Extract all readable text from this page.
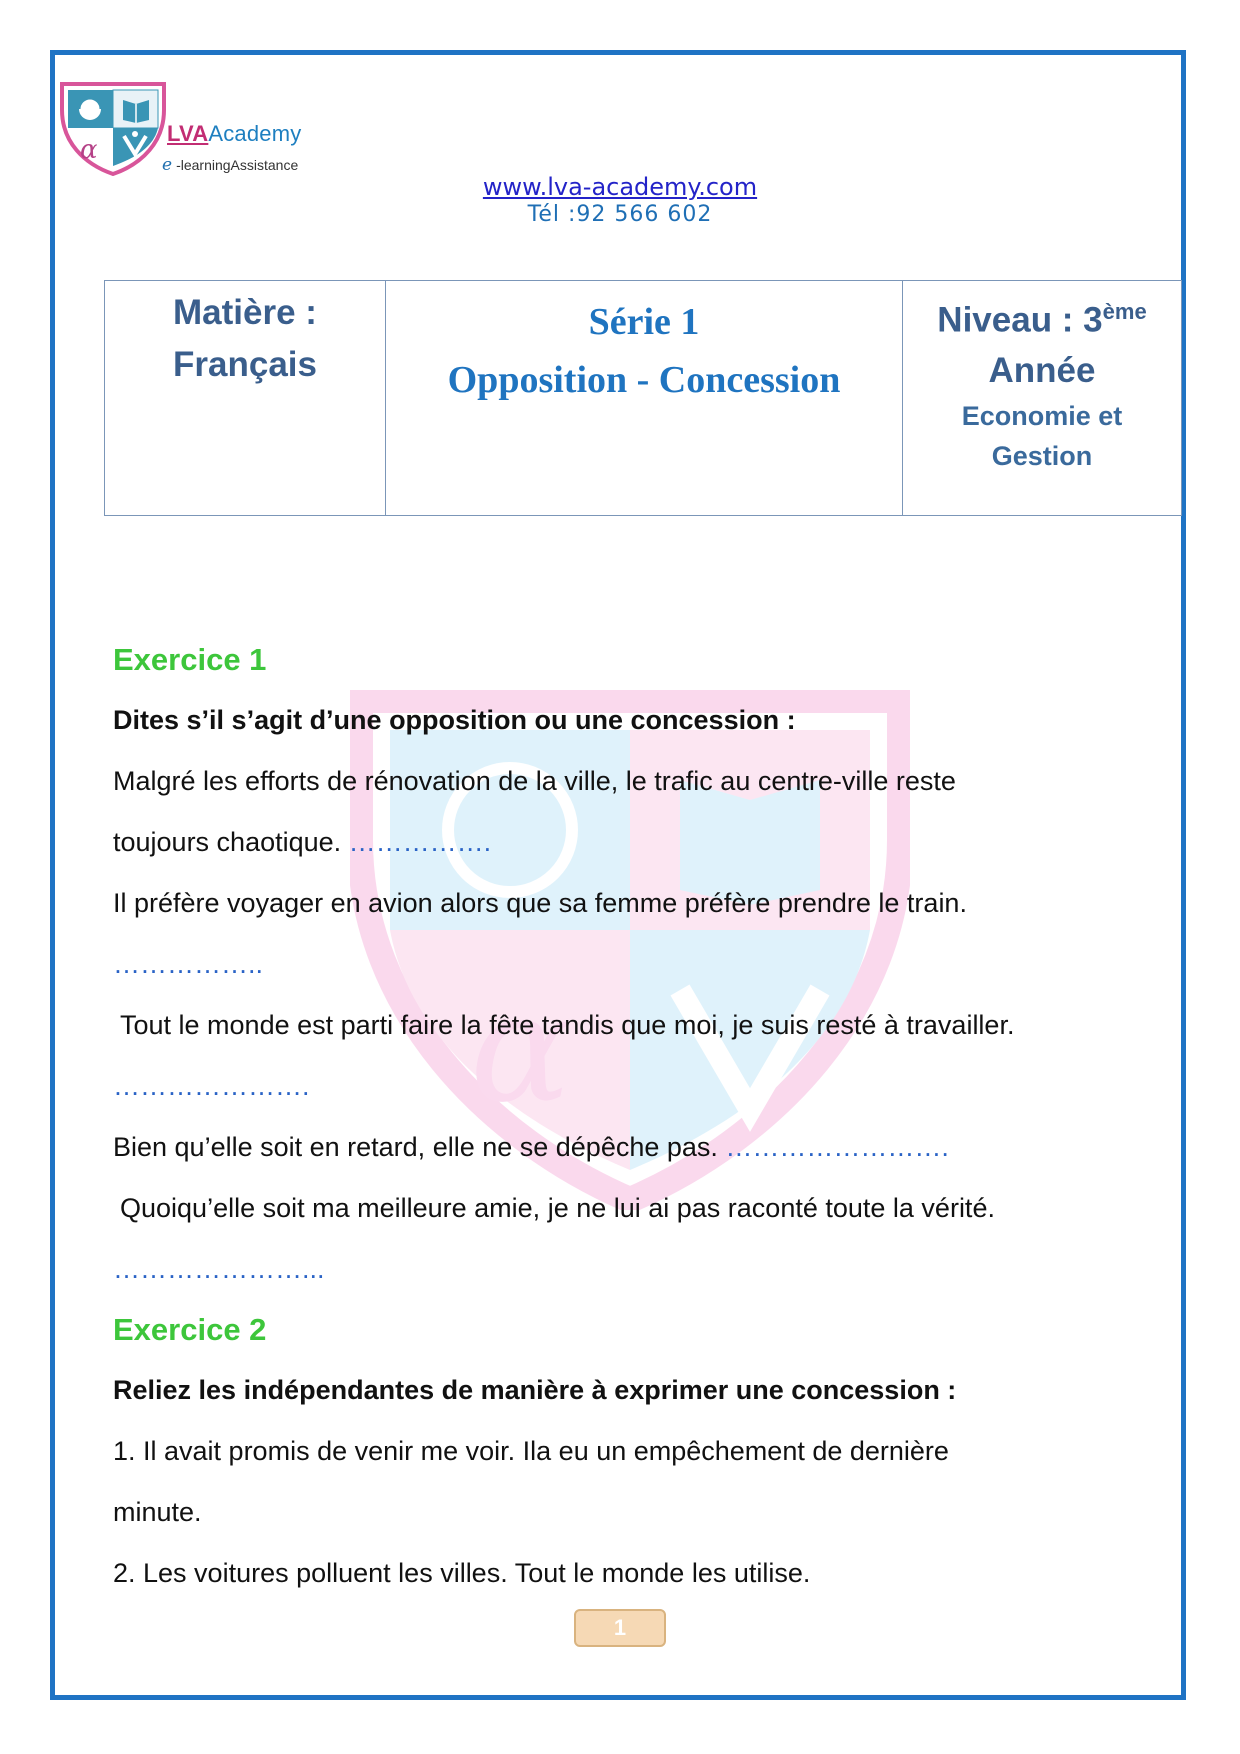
α
LVAAcademy
e -learningAssistance
www.lva-academy.com
Tél :92 566 602
Matière :
Français
Série 1
Opposition - Concession
Niveau : 3ème
Année
Economie et
Gestion
α
Exercice 1
Dites s’il s’agit d’une opposition ou une concession :
Malgré les efforts de rénovation de la ville, le trafic au centre-ville reste
toujours chaotique. …………….
Il préfère voyager en avion alors que sa femme préfère prendre le train.
……………..
Tout le monde est parti faire la fête tandis que moi, je suis resté à travailler.
………………….
Bien qu’elle soit en retard, elle ne se dépêche pas. …………………….
Quoiqu’elle soit ma meilleure amie, je ne lui ai pas raconté toute la vérité.
…………………...
Exercice 2
Reliez les indépendantes de manière à exprimer une concession :
1. Il avait promis de venir me voir. Ila eu un empêchement de dernière
minute.
2. Les voitures polluent les villes. Tout le monde les utilise.
1
